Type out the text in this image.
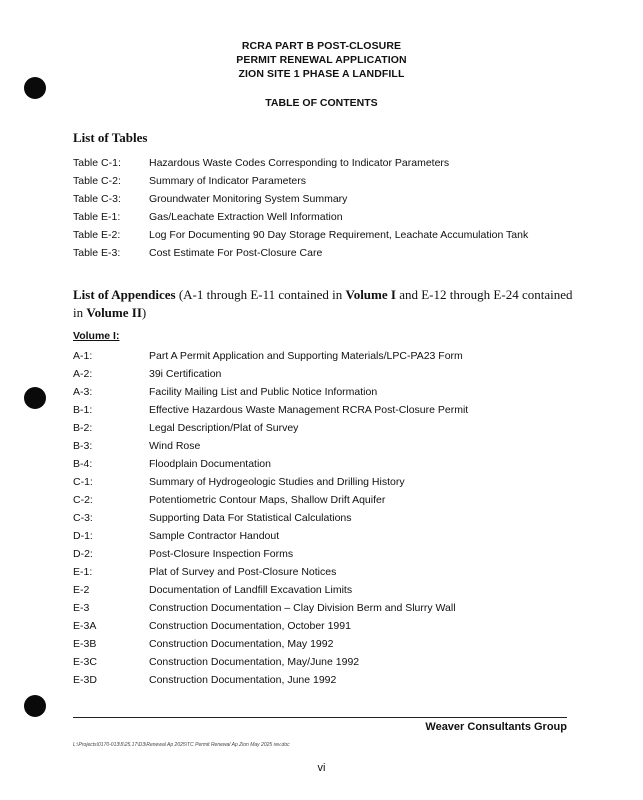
RCRA PART B POST-CLOSURE
PERMIT RENEWAL APPLICATION
ZION SITE 1 PHASE A LANDFILL
TABLE OF CONTENTS
List of Tables
Table C-1:	Hazardous Waste Codes Corresponding to Indicator Parameters
Table C-2:	Summary of Indicator Parameters
Table C-3:	Groundwater Monitoring System Summary
Table E-1:	Gas/Leachate Extraction Well Information
Table E-2:	Log For Documenting 90 Day Storage Requirement, Leachate Accumulation Tank
Table E-3:	Cost Estimate For Post-Closure Care
List of Appendices (A-1 through E-11 contained in Volume I and E-12 through E-24 contained in Volume II)
Volume I:
A-1:	Part A Permit Application and Supporting Materials/LPC-PA23 Form
A-2:	39i Certification
A-3:	Facility Mailing List and Public Notice Information
B-1:	Effective Hazardous Waste Management RCRA Post-Closure Permit
B-2:	Legal Description/Plat of Survey
B-3:	Wind Rose
B-4:	Floodplain Documentation
C-1:	Summary of Hydrogeologic Studies and Drilling History
C-2:	Potentiometric Contour Maps, Shallow Drift Aquifer
C-3:	Supporting Data For Statistical Calculations
D-1:	Sample Contractor Handout
D-2:	Post-Closure Inspection Forms
E-1:	Plat of Survey and Post-Closure Notices
E-2	Documentation of Landfill Excavation Limits
E-3	Construction Documentation – Clay Division Berm and Slurry Wall
E-3A	Construction Documentation, October 1991
E-3B	Construction Documentation, May 1992
E-3C	Construction Documentation, May/June 1992
E-3D	Construction Documentation, June 1992
Weaver Consultants Group
L:\Projects\0170-013\5\25.17\D3\Renewal Ap 2025\TC Permit Renewal Ap Zion May 2025 rev.doc
vi
